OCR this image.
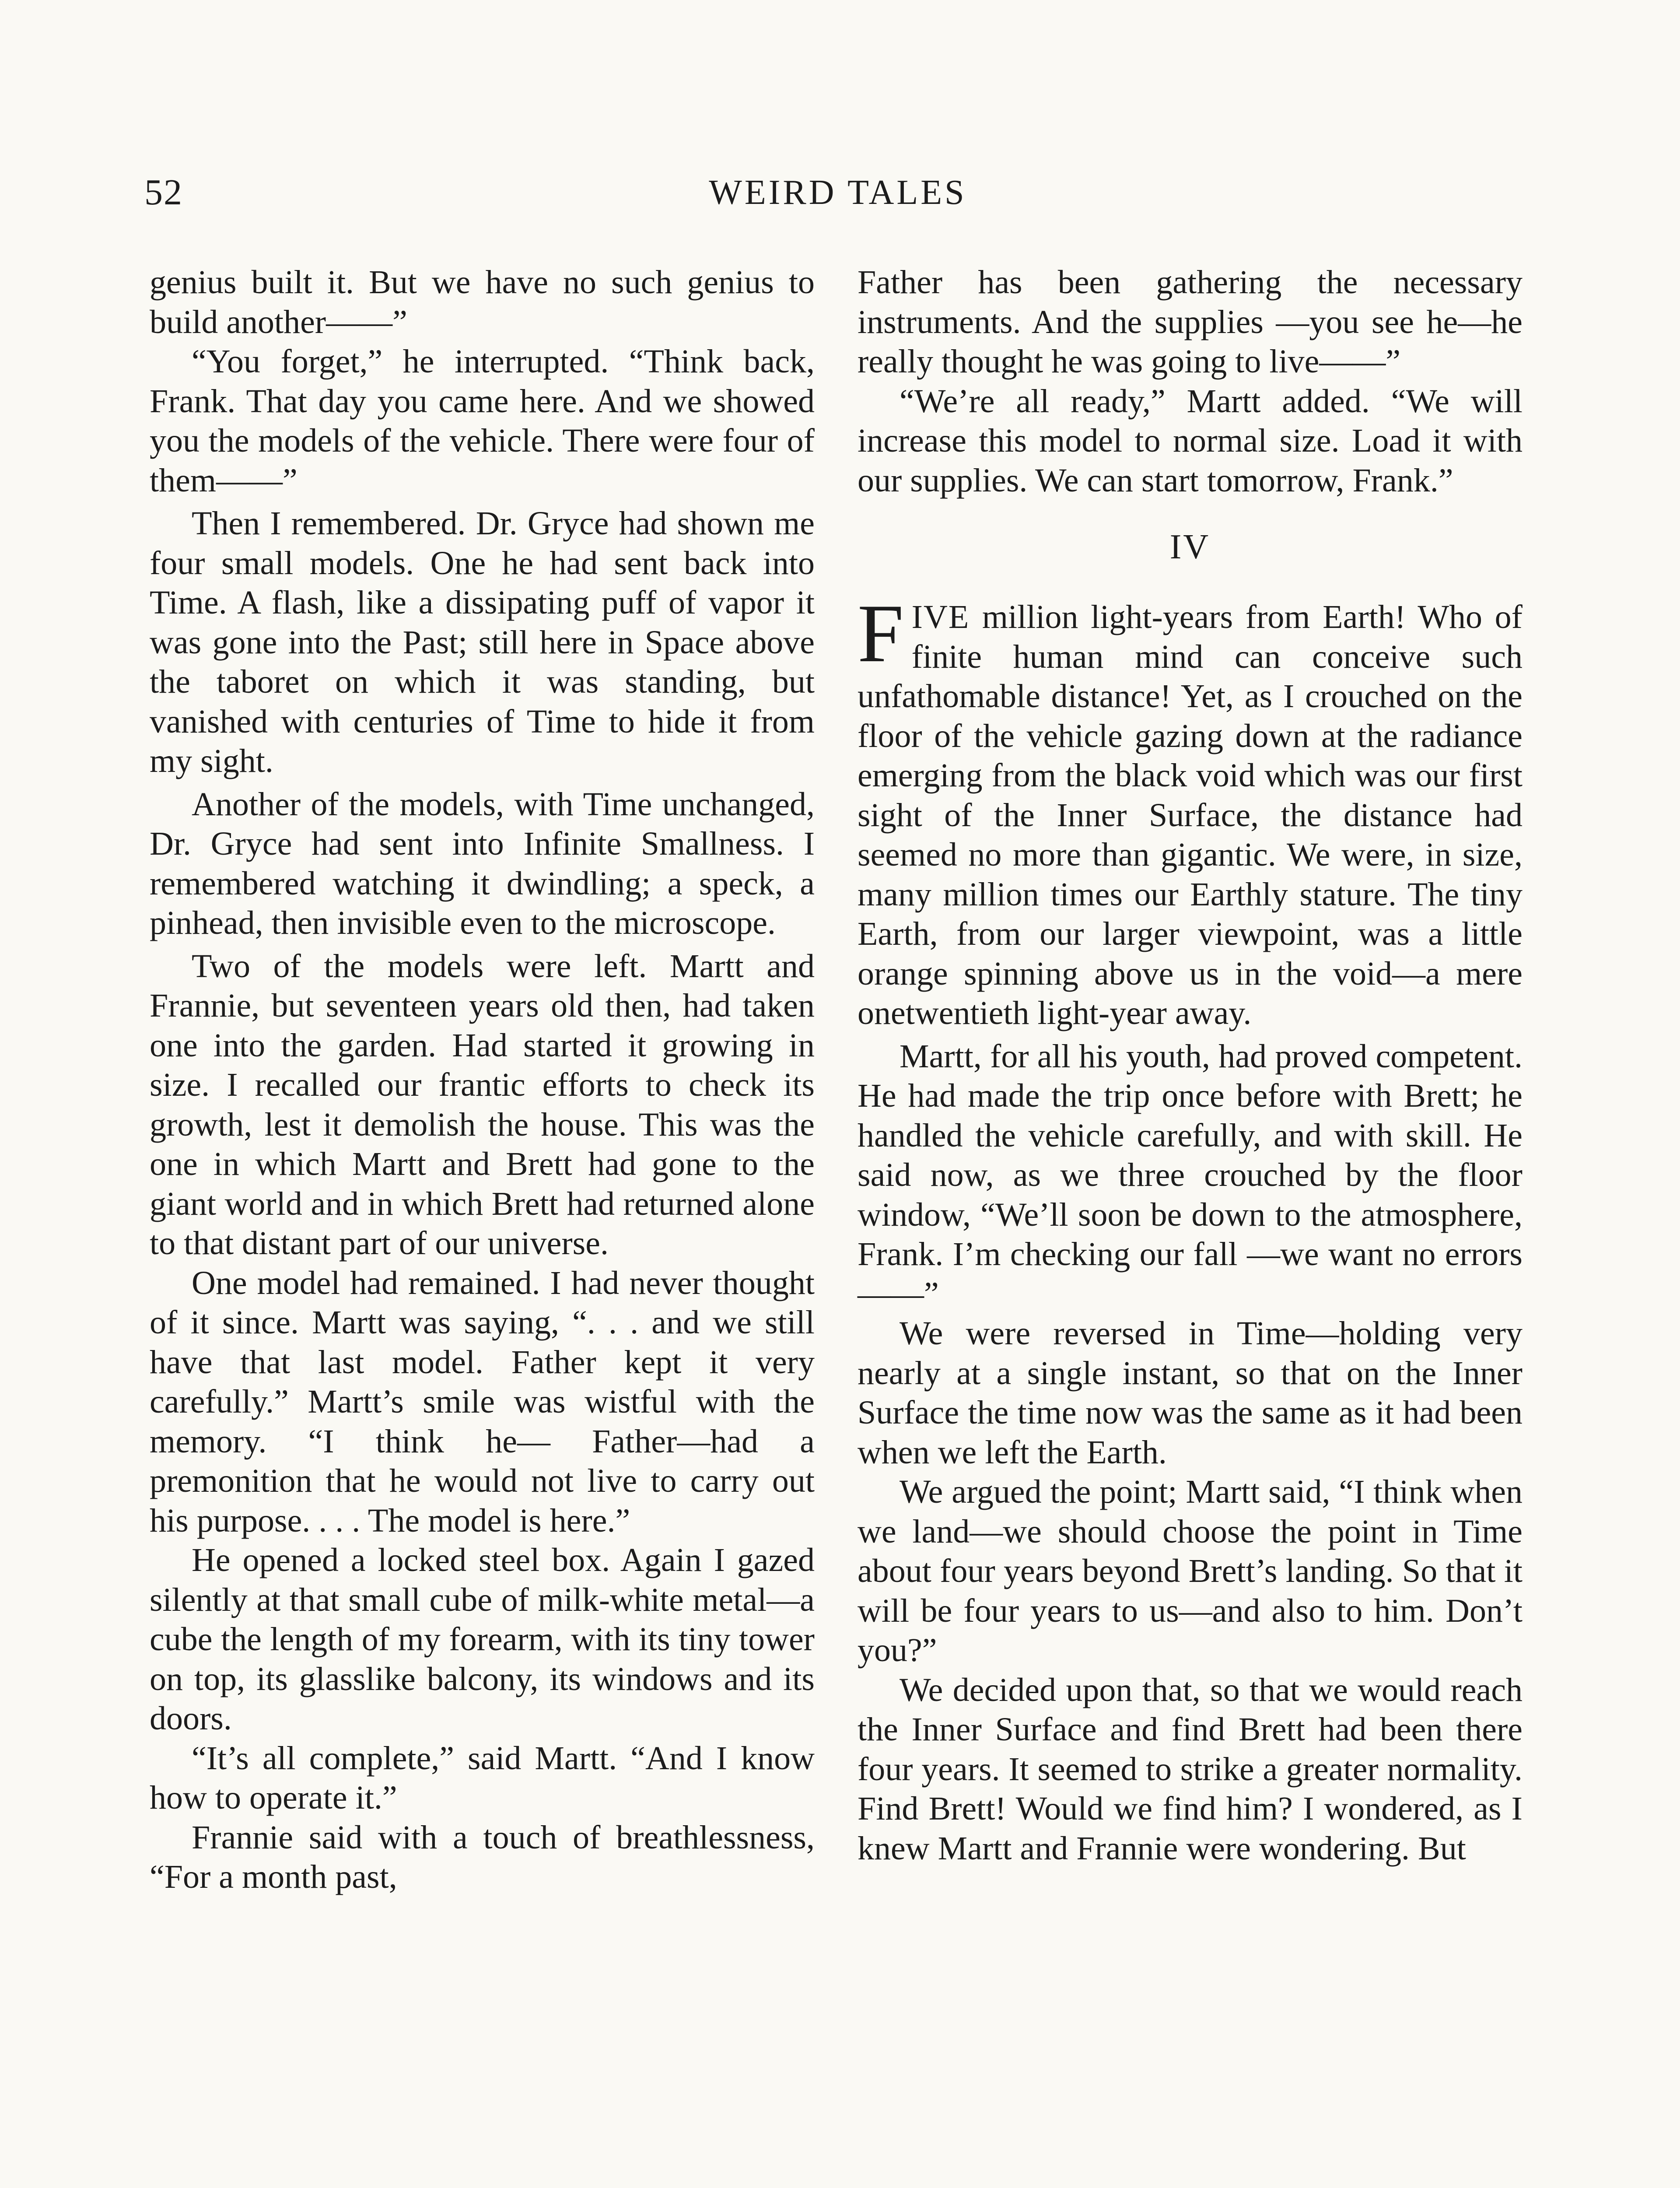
52	WEIRD TALES

genius built it. But we have no such genius to build another——”

“You forget,” he interrupted. “Think back, Frank. That day you came here. And we showed you the models of the vehicle. There were four of them——”

Then I remembered. Dr. Gryce had shown me four small models. One he had sent back into Time. A flash, like a dissipating puff of vapor it was gone into the Past; still here in Space above the taboret on which it was standing, but vanished with centuries of Time to hide it from my sight.

Another of the models, with Time unchanged, Dr. Gryce had sent into Infinite Smallness. I remembered watching it dwindling; a speck, a pinhead, then invisible even to the microscope.

Two of the models were left. Martt and Frannie, but seventeen years old then, had taken one into the garden. Had started it growing in size. I recalled our frantic efforts to check its growth, lest it demolish the house. This was the one in which Martt and Brett had gone to the giant world and in which Brett had returned alone to that distant part of our universe.

One model had remained. I had never thought of it since. Martt was saying, “. . . and we still have that last model. Father kept it very carefully.” Martt’s smile was wistful with the memory. “I think he— Father—had a premonition that he would not live to carry out his purpose. . . . The model is here.”

He opened a locked steel box. Again I gazed silently at that small cube of milk-white metal—a cube the length of my forearm, with its tiny tower on top, its glasslike balcony, its windows and its doors.

“It’s all complete,” said Martt. “And I know how to operate it.”

Frannie said with a touch of breathlessness, “For a month past,

Father has been gathering the necessary instruments. And the supplies —you see he—he really thought he was going to live——”

“We’re all ready,” Martt added. “We will increase this model to normal size. Load it with our supplies. We can start tomorrow, Frank.”

IV

FIVE million light-years from Earth! Who of finite human mind can conceive such unfathomable distance! Yet, as I crouched on the floor of the vehicle gazing down at the radiance emerging from the black void which was our first sight of the Inner Surface, the distance had seemed no more than gigantic. We were, in size, many million times our Earthly stature. The tiny Earth, from our larger viewpoint, was a little orange spinning above us in the void—a mere onetwentieth light-year away.

Martt, for all his youth, had proved competent. He had made the trip once before with Brett; he handled the vehicle carefully, and with skill. He said now, as we three crouched by the floor window, “We’ll soon be down to the atmosphere, Frank. I’m checking our fall —we want no errors——”

We were reversed in Time—holding very nearly at a single instant, so that on the Inner Surface the time now was the same as it had been when we left the Earth.

We argued the point; Martt said, “I think when we land—we should choose the point in Time about four years beyond Brett’s landing. So that it will be four years to us—and also to him. Don’t you?”

We decided upon that, so that we would reach the Inner Surface and find Brett had been there four years. It seemed to strike a greater normality. Find Brett! Would we find him? I wondered, as I knew Martt and Frannie were wondering. But
